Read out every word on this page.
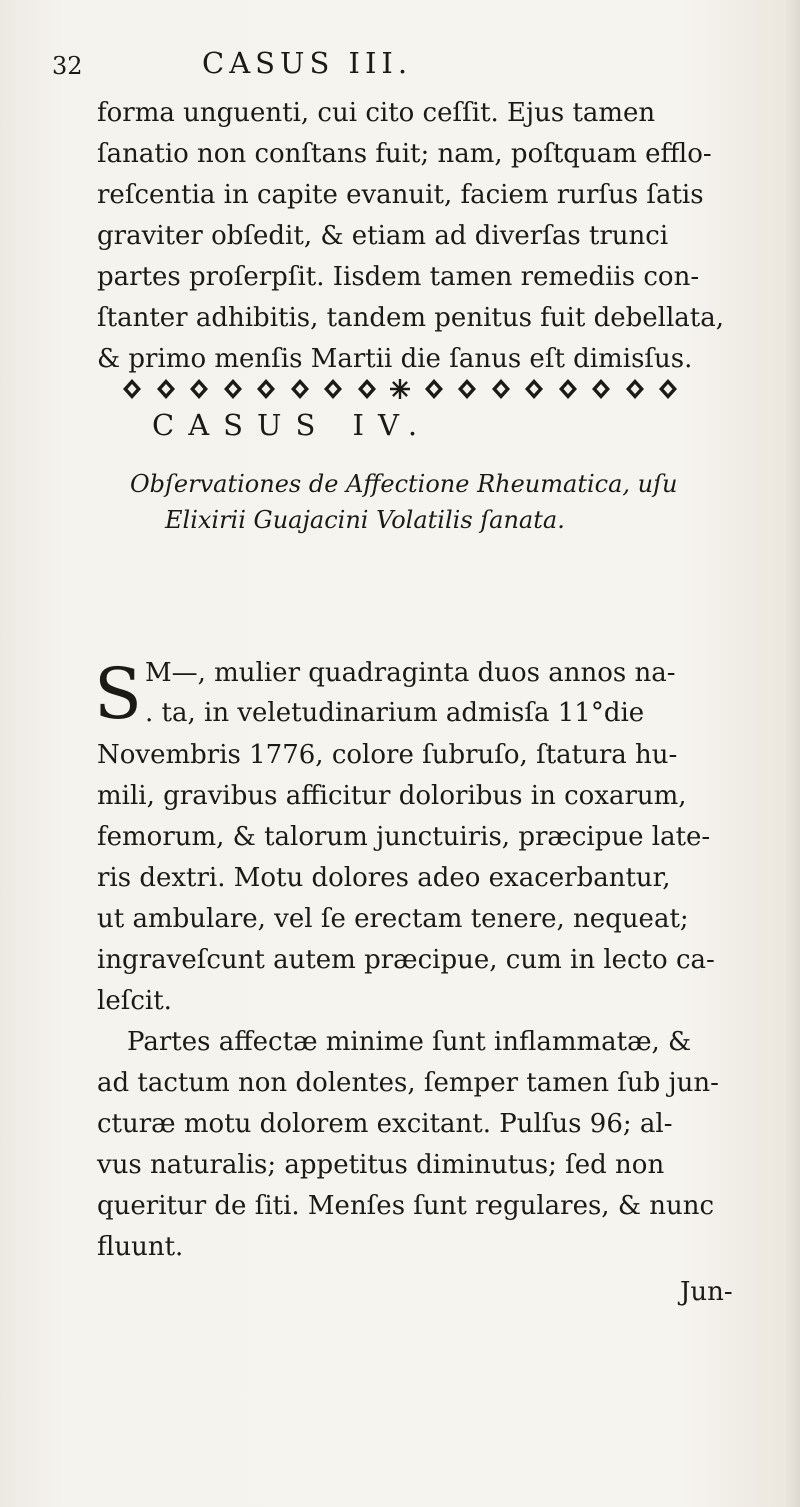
32	CASUS III.
forma unguenti, cui cito ceſſit. Ejus tamen
ſanatio non conſtans fuit; nam, poſtquam efflo-
reſcentia in capite evanuit, faciem rurſus ſatis
graviter obſedit, & etiam ad diverſas trunci
partes proſerpſit. Iisdem tamen remediis con-
ſtanter adhibitis, tandem penitus fuit debellata,
& primo menſis Martii die ſanus eſt dimisſus.
CASUS IV.
Obſervationes de Affectione Rheumatica, uſu
Elixirii Guajacini Volatilis ſanata.
S M—, mulier quadraginta duos annos na-
. ta, in veletudinarium admisſa 11°die
Novembris 1776, colore ſubruſo, ſtatura hu-
mili, gravibus afficitur doloribus in coxarum,
femorum, & talorum junctuiris, præcipue late-
ris dextri. Motu dolores adeo exacerbantur,
ut ambulare, vel ſe erectam tenere, nequeat;
ingraveſcunt autem præcipue, cum in lecto ca-
leſcit.
Partes affectæ minime ſunt inflammatæ, &
ad tactum non dolentes, ſemper tamen ſub jun-
cturæ motu dolorem excitant. Pulſus 96; al-
vus naturalis; appetitus diminutus; ſed non
queritur de ſiti. Menſes ſunt regulares, & nunc
fluunt.
Jun-
